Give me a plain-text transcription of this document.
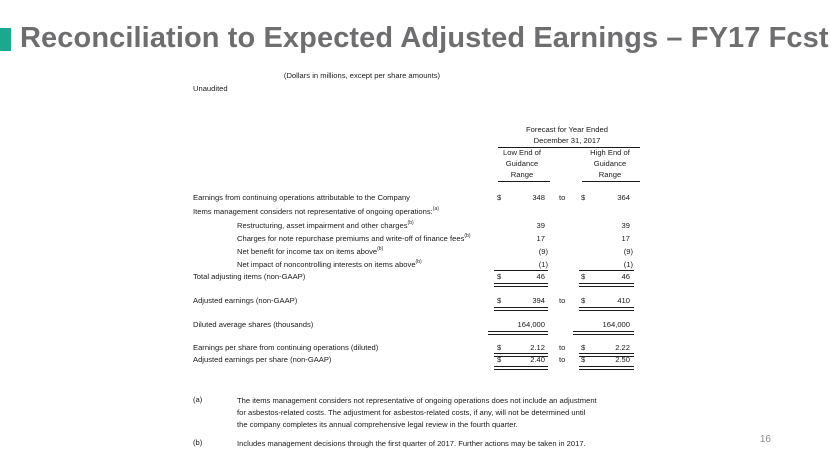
Reconciliation to Expected Adjusted Earnings – FY17 Fcst
(Dollars in millions, except per share amounts)
Unaudited
Forecast for Year Ended
December 31, 2017
Low End of
Guidance
Range
High End of
Guidance
Range
Earnings from continuing operations attributable to the Company	$	348 to $	364
Items management considers not representative of ongoing operations:$^{(a)}$
Restructuring, asset impairment and other charges$^{(b)}$	39	39
Charges for note repurchase premiums and write-off of finance fees$^{(b)}$	17	17
Net benefit for income tax on items above$^{(b)}$	(9)	(9)
Net impact of noncontrolling interests on items above$^{(b)}$	(1)	(1)
Total adjusting items (non-GAAP)	$	46	$	46
Adjusted earnings (non-GAAP)	$	394 to $	410
Diluted average shares (thousands)	164,000	164,000
Earnings per share from continuing operations (diluted)	$	2.12 to $	2.22
Adjusted earnings per share (non-GAAP)	$	2.40 to $	2.50
(a)	The items management considers not representative of ongoing operations does not include an adjustment
for asbestos-related costs. The adjustment for asbestos-related costs, if any, will not be determined until
the company completes its annual comprehensive legal review in the fourth quarter.
(b)	Includes management decisions through the first quarter of 2017. Further actions may be taken in 2017.	16
